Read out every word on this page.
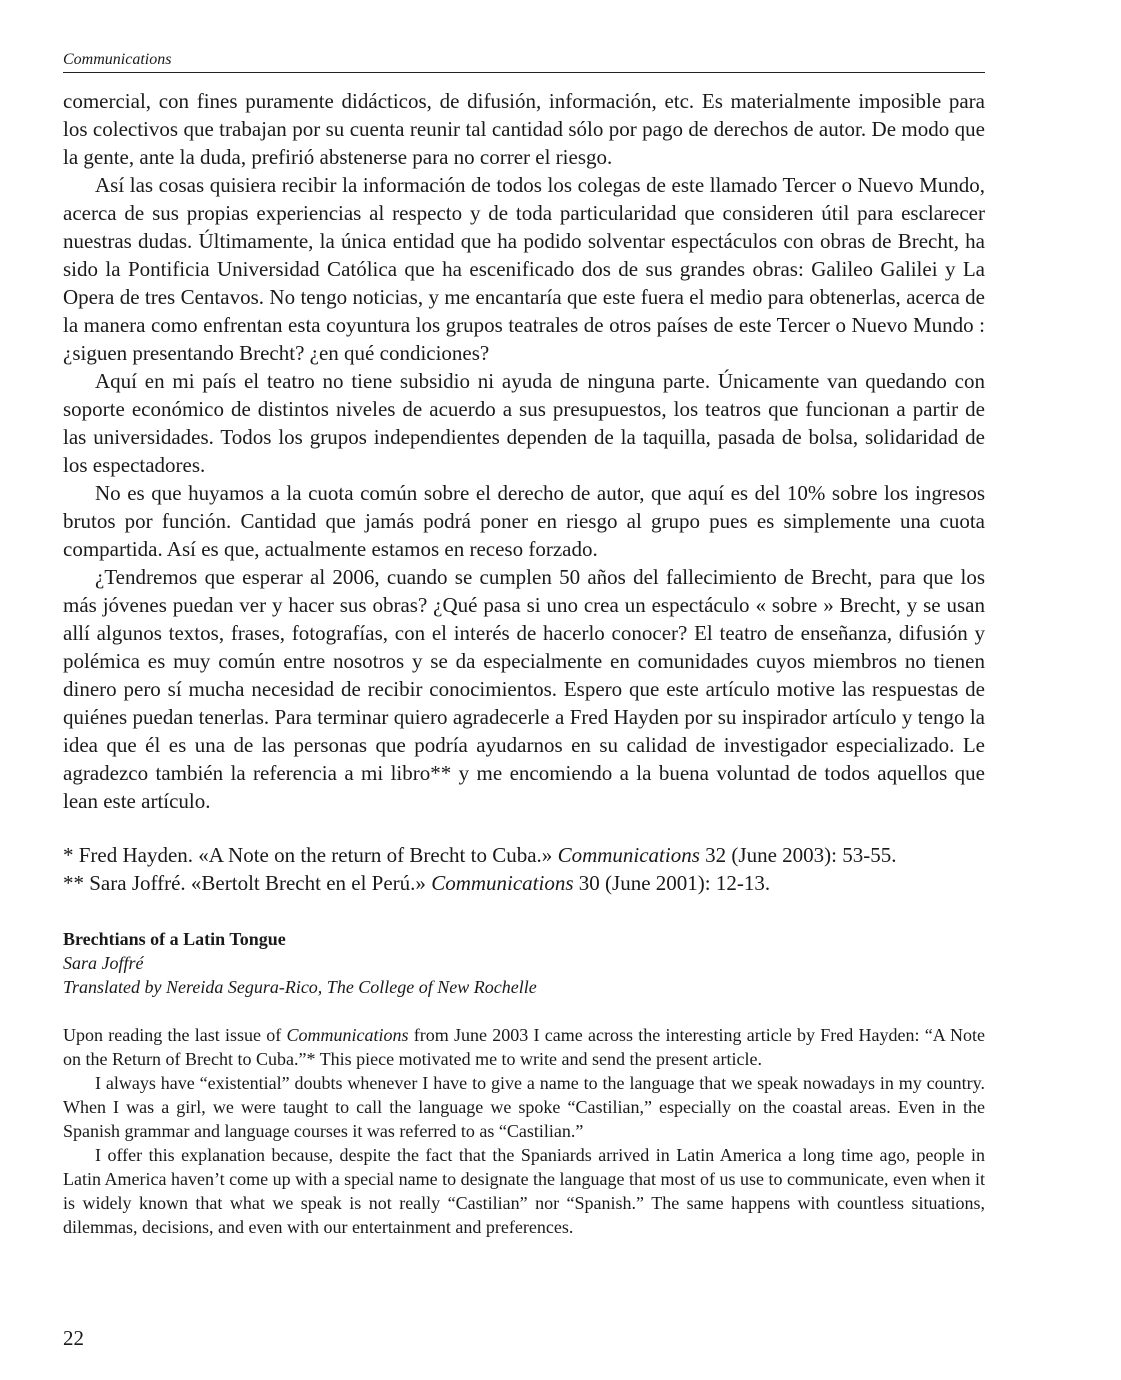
Communications

comercial, con fines puramente didácticos, de difusión, información, etc. Es materialmente imposible para los colectivos que trabajan por su cuenta reunir tal cantidad sólo por pago de derechos de autor. De modo que la gente, ante la duda, prefirió abstenerse para no correr el riesgo.

Así las cosas quisiera recibir la información de todos los colegas de este llamado Tercer o Nuevo Mundo, acerca de sus propias experiencias al respecto y de toda particularidad que consideren útil para esclarecer nuestras dudas. Últimamente, la única entidad que ha podido solventar espectáculos con obras de Brecht, ha sido la Pontificia Universidad Católica que ha escenificado dos de sus grandes obras: Galileo Galilei y La Opera de tres Centavos. No tengo noticias, y me encantaría que este fuera el medio para obtenerlas, acerca de la manera como enfrentan esta coyuntura los grupos teatrales de otros países de este Tercer o Nuevo Mundo : ¿siguen presentando Brecht? ¿en qué condiciones?

Aquí en mi país el teatro no tiene subsidio ni ayuda de ninguna parte. Únicamente van quedando con soporte económico de distintos niveles de acuerdo a sus presupuestos, los teatros que funcionan a partir de las universidades. Todos los grupos independientes dependen de la taquilla, pasada de bolsa, solidaridad de los espectadores.

No es que huyamos a la cuota común sobre el derecho de autor, que aquí es del 10% sobre los ingresos brutos por función. Cantidad que jamás podrá poner en riesgo al grupo pues es simplemente una cuota compartida. Así es que, actualmente estamos en receso forzado.

¿Tendremos que esperar al 2006, cuando se cumplen 50 años del fallecimiento de Brecht, para que los más jóvenes puedan ver y hacer sus obras? ¿Qué pasa si uno crea un espectáculo « sobre » Brecht, y se usan allí algunos textos, frases, fotografías, con el interés de hacerlo conocer? El teatro de enseñanza, difusión y polémica es muy común entre nosotros y se da especialmente en comunidades cuyos miembros no tienen dinero pero sí mucha necesidad de recibir conocimientos. Espero que este artículo motive las respuestas de quiénes puedan tenerlas. Para terminar quiero agradecerle a Fred Hayden por su inspirador artículo y tengo la idea que él es una de las personas que podría ayudarnos en su calidad de investigador especializado. Le agradezco también la referencia a mi libro** y me encomiendo a la buena voluntad de todos aquellos que lean este artículo.

* Fred Hayden. «A Note on the return of Brecht to Cuba.» Communications 32 (June 2003): 53-55.

** Sara Joffré. «Bertolt Brecht en el Perú.» Communications 30 (June 2001): 12-13.

Brechtians of a Latin Tongue
Sara Joffré
Translated by Nereida Segura-Rico, The College of New Rochelle

Upon reading the last issue of Communications from June 2003 I came across the interesting article by Fred Hayden: “A Note on the Return of Brecht to Cuba.”* This piece motivated me to write and send the present article.

I always have “existential” doubts whenever I have to give a name to the language that we speak nowadays in my country. When I was a girl, we were taught to call the language we spoke “Castilian,” especially on the coastal areas. Even in the Spanish grammar and language courses it was referred to as “Castilian.”

I offer this explanation because, despite the fact that the Spaniards arrived in Latin America a long time ago, people in Latin America haven’t come up with a special name to designate the language that most of us use to communicate, even when it is widely known that what we speak is not really “Castilian” nor “Spanish.” The same happens with countless situations, dilemmas, decisions, and even with our entertainment and preferences.

22
